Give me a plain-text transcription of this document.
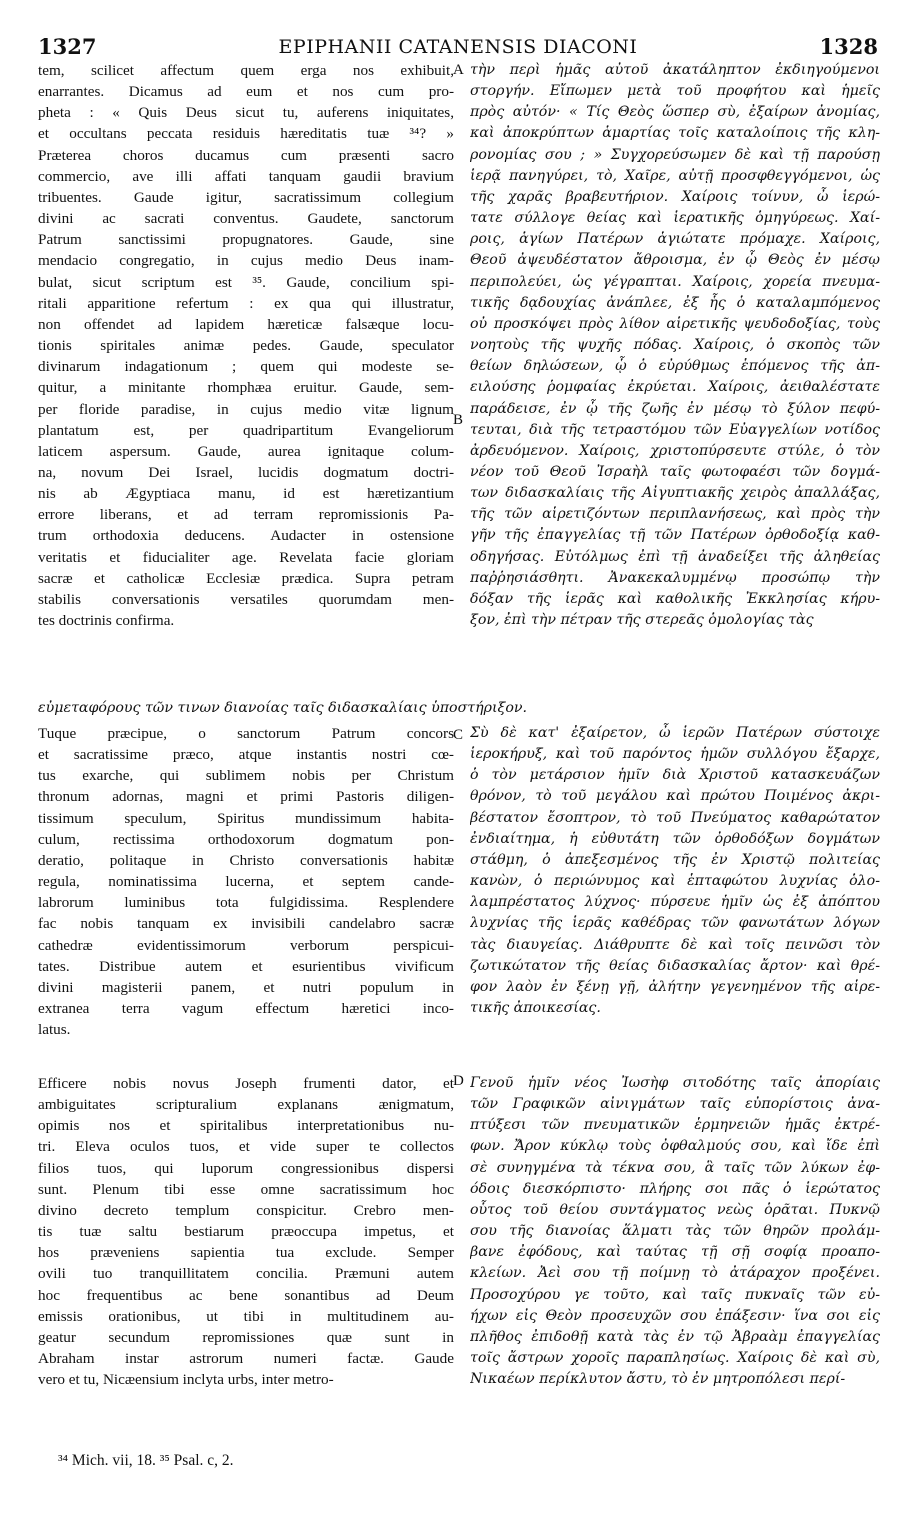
1327	EPIPHANII CATANENSIS DIACONI	1328
tem, scilicet affectum quem erga nos exhibuit,
enarrantes. Dicamus ad eum et nos cum pro-
pheta : « Quis Deus sicut tu, auferens iniquitates,
et occultans peccata residuis hæreditatis tuæ ³⁴? »
Præterea choros ducamus cum præsenti sacro
commercio, ave illi affati tanquam gaudii bravium
tribuentes. Gaude igitur, sacratissimum collegium
divini ac sacrati conventus. Gaudete, sanctorum
Patrum sanctissimi propugnatores. Gaude, sine
mendacio congregatio, in cujus medio Deus inam-
bulat, sicut scriptum est ³⁵. Gaude, concilium spi-
ritali apparitione refertum : ex qua qui illustratur,
non offendet ad lapidem hæreticæ falsæque locu-
tionis spiritales animæ pedes. Gaude, speculator
divinarum indagationum ; quem qui modeste se-
quitur, a minitante rhomphæa eruitur. Gaude, sem-
per floride paradise, in cujus medio vitæ lignum
plantatum est, per quadripartitum Evangeliorum
laticem aspersum. Gaude, aurea ignitaque colum-
na, novum Dei Israel, lucidis dogmatum doctri-
nis ab Ægyptiaca manu, id est hæretizantium
errore liberans, et ad terram repromissionis Pa-
trum orthodoxia deducens. Audacter in ostensione
veritatis et fiducialiter age. Revelata facie gloriam
sacræ et catholicæ Ecclesiæ prædica. Supra petram
stabilis conversationis versatiles quorumdam men-
tes doctrinis confirma.
τὴν περὶ ἡμᾶς αὐτοῦ ἀκατάληπτον ἐκδιηγούμενοι
στοργήν. Εἴπωμεν μετὰ τοῦ προφήτου καὶ ἡμεῖς
πρὸς αὐτόν· « Τίς Θεὸς ὥσπερ σὺ, ἐξαίρων ἀνομίας,
καὶ ἀποκρύπτων ἁμαρτίας τοῖς καταλοίποις τῆς κλη-
ρονομίας σου ; » Συγχορεύσωμεν δὲ καὶ τῇ παρούσῃ
ἱερᾷ πανηγύρει, τὸ, Χαῖρε, αὐτῇ προσφθεγγόμενοι, ὡς
τῆς χαρᾶς βραβευτήριον. Χαίροις τοίνυν, ὦ ἱερώ-
τατε σύλλογε θείας καὶ ἱερατικῆς ὁμηγύρεως. Χαί-
ροις, ἁγίων Πατέρων ἁγιώτατε πρόμαχε. Χαίροις,
Θεοῦ ἀψευδέστατον ἄθροισμα, ἐν ᾧ Θεὸς ἐν μέσῳ
περιπολεύει, ὡς γέγραπται. Χαίροις, χορεία πνευμα-
τικῆς δᾳδουχίας ἀνάπλεε, ἐξ ἧς ὁ καταλαμπόμενος
οὐ προσκόψει πρὸς λίθον αἱρετικῆς ψευδοδοξίας, τοὺς
νοητοὺς τῆς ψυχῆς πόδας. Χαίροις, ὁ σκοπὸς τῶν
θείων δηλώσεων, ᾧ ὁ εὐρύθμως ἑπόμενος τῆς ἀπ-
ειλούσης ῥομφαίας ἐκρύεται. Χαίροις, ἀειθαλέστατε
παράδεισε, ἐν ᾧ τῆς ζωῆς ἐν μέσῳ τὸ ξύλον πεφύ-
τευται, διὰ τῆς τετραστόμου τῶν Εὐαγγελίων νοτίδος
ἀρδευόμενον. Χαίροις, χριστοπύρσευτε στύλε, ὁ τὸν
νέον τοῦ Θεοῦ Ἰσραὴλ ταῖς φωτοφαέσι τῶν δογμά-
των διδασκαλίαις τῆς Αἰγυπτιακῆς χειρὸς ἀπαλλάξας,
τῆς τῶν αἱρετιζόντων περιπλανήσεως, καὶ πρὸς τὴν
γῆν τῆς ἐπαγγελίας τῇ τῶν Πατέρων ὀρθοδοξίᾳ καθ-
οδηγήσας. Εὐτόλμως ἐπὶ τῇ ἀναδείξει τῆς ἀληθείας
παῤῥησιάσθητι. Ἀνακεκαλυμμένῳ προσώπῳ τὴν
δόξαν τῆς ἱερᾶς καὶ καθολικῆς Ἐκκλησίας κήρυ-
ξον, ἐπὶ τὴν πέτραν τῆς στερεᾶς ὁμολογίας τὰς
A
B
C
D
εὐμεταφόρους τῶν τινων διανοίας ταῖς διδασκαλίαις ὑποστήριξον.
Tuque præcipue, o sanctorum Patrum concors
et sacratissime præco, atque instantis nostri cœ-
tus exarche, qui sublimem nobis per Christum
thronum adornas, magni et primi Pastoris diligen-
tissimum speculum, Spiritus mundissimum habita-
culum, rectissima orthodoxorum dogmatum pon-
deratio, politaque in Christo conversationis habitæ
regula, nominatissima lucerna, et septem cande-
labrorum luminibus tota fulgidissima. Resplendere
fac nobis tanquam ex invisibili candelabro sacræ
cathedræ evidentissimorum verborum perspicui-
tates. Distribue autem et esurientibus vivificum
divini magisterii panem, et nutri populum in
extranea terra vagum effectum hæretici inco-
latus.
Σὺ δὲ κατ' ἐξαίρετον, ὦ ἱερῶν Πατέρων σύστοιχε
ἱεροκήρυξ, καὶ τοῦ παρόντος ἡμῶν συλλόγου ἔξαρχε,
ὁ τὸν μετάρσιον ἡμῖν διὰ Χριστοῦ κατασκευάζων
θρόνον, τὸ τοῦ μεγάλου καὶ πρώτου Ποιμένος ἀκρι-
βέστατον ἔσοπτρον, τὸ τοῦ Πνεύματος καθαρώτατον
ἐνδιαίτημα, ἡ εὐθυτάτη τῶν ὀρθοδόξων δογμάτων
στάθμη, ὁ ἀπεξεσμένος τῆς ἐν Χριστῷ πολιτείας
κανὼν, ὁ περιώνυμος καὶ ἑπταφώτου λυχνίας ὁλο-
λαμπρέστατος λύχνος· πύρσευε ἡμῖν ὡς ἐξ ἀπόπτου
λυχνίας τῆς ἱερᾶς καθέδρας τῶν φανωτάτων λόγων
τὰς διαυγείας. Διάθρυπτε δὲ καὶ τοῖς πεινῶσι τὸν
ζωτικώτατον τῆς θείας διδασκαλίας ἄρτον· καὶ θρέ-
φον λαὸν ἐν ξένῃ γῇ, ἀλήτην γεγενημένον τῆς αἱρε-
τικῆς ἀποικεσίας.
Efficere nobis novus Joseph frumenti dator, et
ambiguitates scripturalium explanans ænigmatum,
opimis nos et spiritalibus interpretationibus nu-
tri. Eleva oculos tuos, et vide super te collectos
filios tuos, qui luporum congressionibus dispersi
sunt. Plenum tibi esse omne sacratissimum hoc
divino decreto templum conspicitur. Crebro men-
tis tuæ saltu bestiarum præoccupa impetus, et
hos præveniens sapientia tua exclude. Semper
ovili tuo tranquillitatem concilia. Præmuni autem
hoc frequentibus ac bene sonantibus ad Deum
emissis orationibus, ut tibi in multitudinem au-
geatur secundum repromissiones quæ sunt in
Abraham instar astrorum numeri factæ. Gaude
vero et tu, Nicæensium inclyta urbs, inter metro-
Γενοῦ ἡμῖν νέος Ἰωσὴφ σιτοδότης ταῖς ἀπορίαις
τῶν Γραφικῶν αἰνιγμάτων ταῖς εὐπορίστοις ἀνα-
πτύξεσι τῶν πνευματικῶν ἑρμηνειῶν ἡμᾶς ἐκτρέ-
φων. Ἄρον κύκλῳ τοὺς ὀφθαλμούς σου, καὶ ἴδε ἐπὶ
σὲ συνηγμένα τὰ τέκνα σου, ἃ ταῖς τῶν λύκων ἐφ-
όδοις διεσκόρπιστο· πλήρης σοι πᾶς ὁ ἱερώτατος
οὗτος τοῦ θείου συντάγματος νεὼς ὁρᾶται. Πυκνῷ
σου τῆς διανοίας ἅλματι τὰς τῶν θηρῶν προλάμ-
βανε ἐφόδους, καὶ ταύτας τῇ σῇ σοφίᾳ προαπο-
κλείων. Ἀεὶ σου τῇ ποίμνῃ τὸ ἀτάραχον προξένει.
Προσοχύρου γε τοῦτο, καὶ ταῖς πυκναῖς τῶν εὐ-
ήχων εἰς Θεὸν προσευχῶν σου ἐπάξεσιν· ἵνα σοι εἰς
πλῆθος ἐπιδοθῇ κατὰ τὰς ἐν τῷ Ἀβραὰμ ἐπαγγελίας
τοῖς ἄστρων χοροῖς παραπλησίως. Χαίροις δὲ καὶ σὺ,
Νικαέων περίκλυτον ἄστυ, τὸ ἐν μητροπόλεσι περί-
³⁴ Mich. vii, 18. ³⁵ Psal. c, 2.
